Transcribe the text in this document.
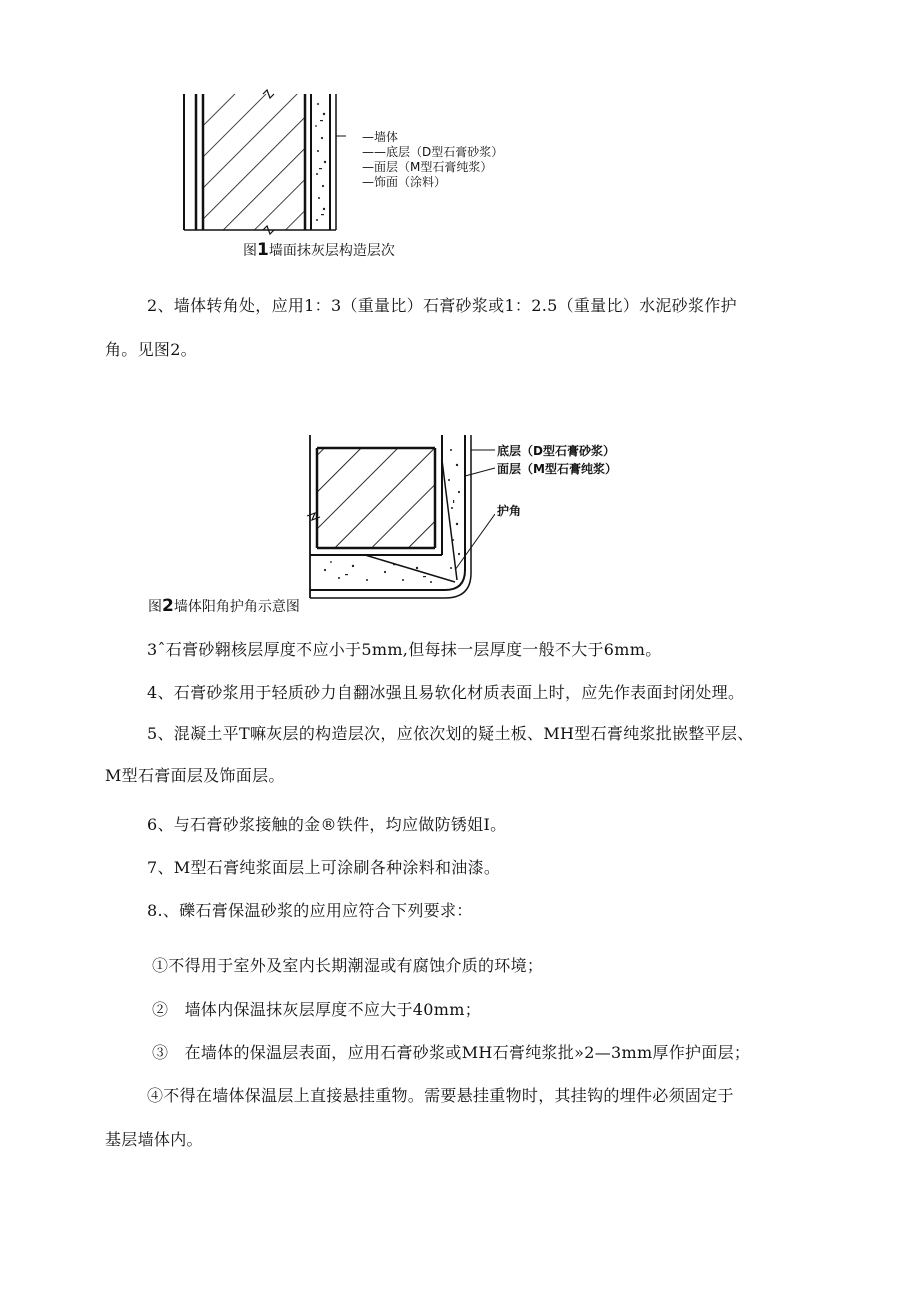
—墙体
——底层（D型石膏砂浆）
—面层（M型石膏纯浆）
—饰面（涂料）
图1墙面抹灰层构造层次
2、墙体转角处，应用1：3（重量比）石膏砂浆或1：2.5（重量比）水泥砂浆作护
角。见图2。
底层（D型石膏砂浆）
面层（M型石膏纯浆）
护角
图2墙体阳角护角示意图
3ˆ石膏砂翱核层厚度不应小于5mm,但每抹一层厚度一般不大于6mm。
4、石膏砂浆用于轻质砂力自翻冰强且易软化材质表面上时，应先作表面封闭处理。
5、混凝土平T嘛灰层的构造层次，应依次划的疑土板、MH型石膏纯浆批嵌整平层、
M型石膏面层及饰面层。
6、与石膏砂浆接触的金®铁件，均应做防锈姐I。
7、M型石膏纯浆面层上可涂刷各种涂料和油漆。
8.、礫石膏保温砂浆的应用应符合下列要求：
①不得用于室外及室内长期潮湿或有腐蚀介质的环境；
②　墙体内保温抹灰层厚度不应大于40mm；
③　在墙体的保温层表面，应用石膏砂浆或MH石膏纯浆批»2—3mm厚作护面层；
④不得在墙体保温层上直接悬挂重物。需要悬挂重物时，其挂钩的埋件必须固定于
基层墙体内。
